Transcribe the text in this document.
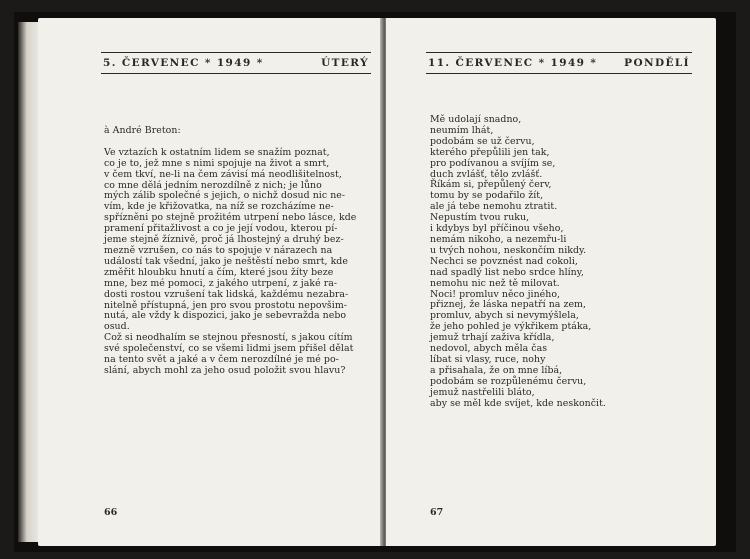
5. ČERVENEC * 1949 *	ÚTERÝ
à André Breton:

Ve vztazích k ostatním lidem se snažím poznat,
co je to, jež mne s nimi spojuje na život a smrt,
v čem tkví, ne-li na čem závisí má neodlišitelnost,
co mne dělá jedním nerozdílně z nich; je lůno
mých zálib společné s jejich, o nichž dosud nic ne-
vím, kde je křižovatka, na níž se rozcházíme ne-
spřízněni po stejně prožitém utrpení nebo lásce, kde
pramení přitažlivost a co je její vodou, kterou pí-
jeme stejně žíznivě, proč já lhostejný a druhý bez-
mezně vzrušen, co nás to spojuje v nárazech na
událostí tak všední, jako je neštěstí nebo smrt, kde
změřit hloubku hnutí a čím, které jsou žíty beze
mne, bez mé pomoci, z jakého utrpení, z jaké ra-
dosti rostou vzrušení tak lidská, každému nezabra-
nitelně přístupná, jen pro svou prostotu nepovšim-
nutá, ale vždy k dispozici, jako je sebevražda nebo
osud.
Což si neodhalím se stejnou přesností, s jakou cítím
své společenství, co se všemi lidmi jsem přišel dělat
na tento svět a jaké a v čem nerozdílné je mé po-
slání, abych mohl za jeho osud položit svou hlavu?
66
11. ČERVENEC * 1949 *	PONDĚLÍ
Mě udolají snadno,
neumím lhát,
podobám se už červu,
kterého přepůlili jen tak,
pro podívanou a svíjím se,
duch zvlášť, tělo zvlášť.
Říkám si, přepůlený červ,
tomu by se podařilo žít,
ale já tebe nemohu ztratit.
Nepustím tvou ruku,
i kdybys byl příčinou všeho,
nemám nikoho, a nezemřu-li
u tvých nohou, neskončím nikdy.
Nechci se povznést nad cokoli,
nad spadlý list nebo srdce hlíny,
nemohu nic než tě milovat.
Noci! promluv něco jiného,
přiznej, že láska nepatří na zem,
promluv, abych si nevymýšlela,
že jeho pohled je výkřikem ptáka,
jemuž trhají zaživa křídla,
nedovol, abych měla čas
líbat si vlasy, ruce, nohy
a přisahala, že on mne líbá,
podobám se rozpůlenému červu,
jemuž nastřelili bláto,
aby se měl kde svíjet, kde neskončit.
67
